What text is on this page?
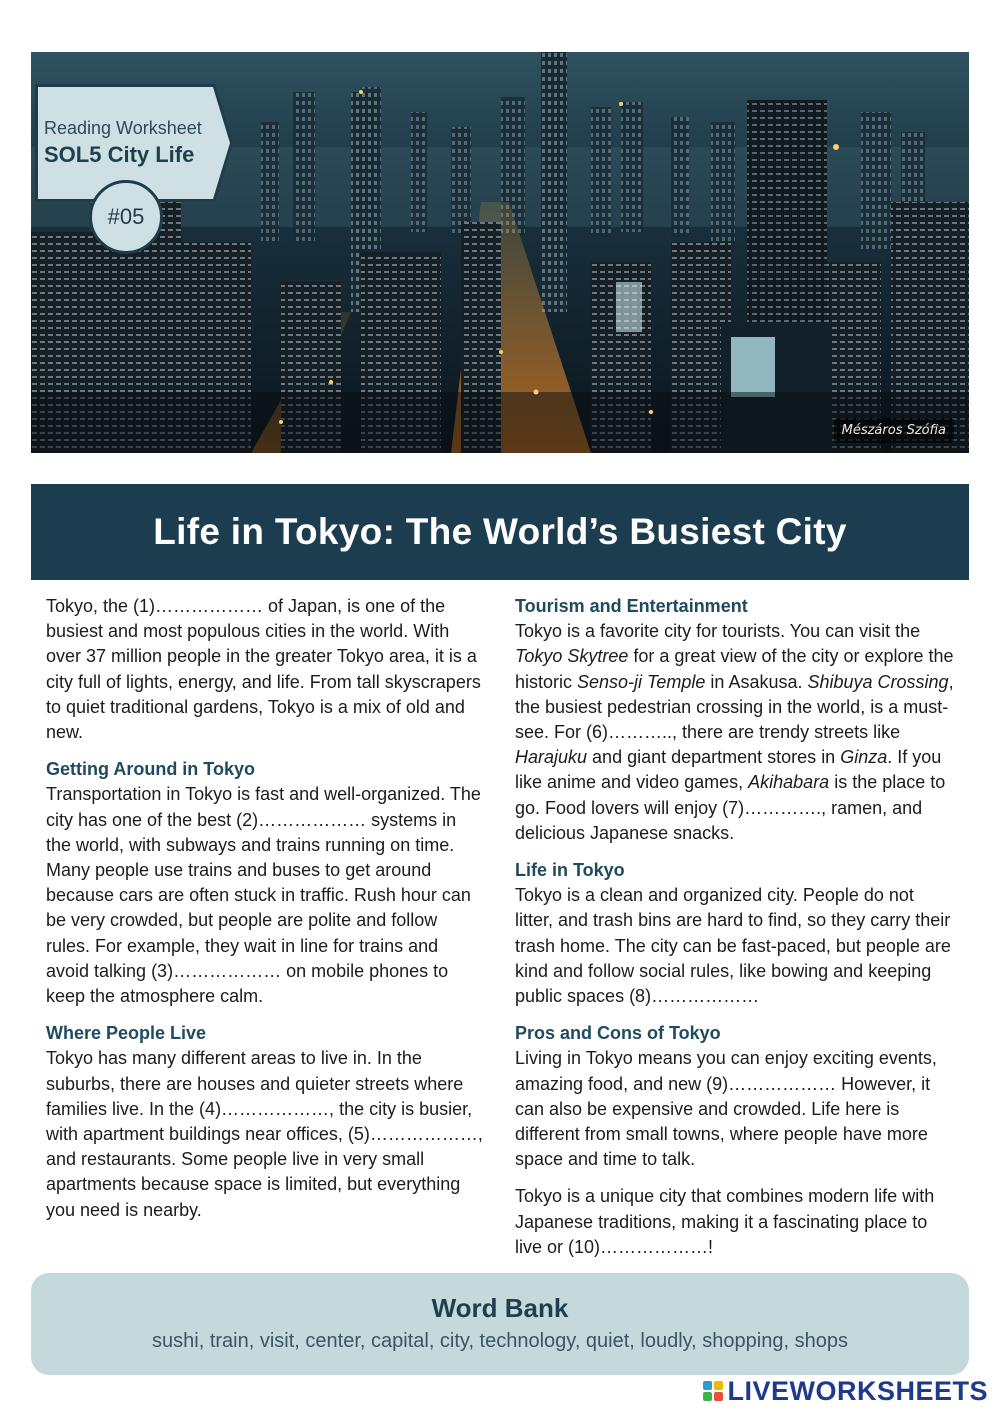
Reading Worksheet
SOL5 City Life
#05
Mészáros Szófia
Life in Tokyo: The World’s Busiest City

Tokyo, the (1)……………… of Japan, is one of the busiest and most populous cities in the world. With over 37 million people in the greater Tokyo area, it is a city full of lights, energy, and life. From tall skyscrapers to quiet traditional gardens, Tokyo is a mix of old and new.

Getting Around in Tokyo

Transportation in Tokyo is fast and well-organized. The city has one of the best (2)……………… systems in the world, with subways and trains running on time. Many people use trains and buses to get around because cars are often stuck in traffic. Rush hour can be very crowded, but people are polite and follow rules. For example, they wait in line for trains and avoid talking (3)……………… on mobile phones to keep the atmosphere calm.

Where People Live

Tokyo has many different areas to live in. In the suburbs, there are houses and quieter streets where families live. In the (4)………………, the city is busier, with apartment buildings near offices, (5)………………, and restaurants. Some people live in very small apartments because space is limited, but everything you need is nearby.

Tourism and Entertainment

Tokyo is a favorite city for tourists. You can visit the Tokyo Skytree for a great view of the city or explore the historic Senso-ji Temple in Asakusa. Shibuya Crossing, the busiest pedestrian crossing in the world, is a must-see. For (6)……….., there are trendy streets like Harajuku and giant department stores in Ginza. If you like anime and video games, Akihabara is the place to go. Food lovers will enjoy (7)…………., ramen, and delicious Japanese snacks.

Life in Tokyo

Tokyo is a clean and organized city. People do not litter, and trash bins are hard to find, so they carry their trash home. The city can be fast-paced, but people are kind and follow social rules, like bowing and keeping public spaces (8)………………

Pros and Cons of Tokyo

Living in Tokyo means you can enjoy exciting events, amazing food, and new (9)……………… However, it can also be expensive and crowded. Life here is different from small towns, where people have more space and time to talk.

Tokyo is a unique city that combines modern life with Japanese traditions, making it a fascinating place to live or (10)………………!

Word Bank
sushi, train, visit, center, capital, city, technology, quiet, loudly, shopping, shops
LIVEWORKSHEETS
